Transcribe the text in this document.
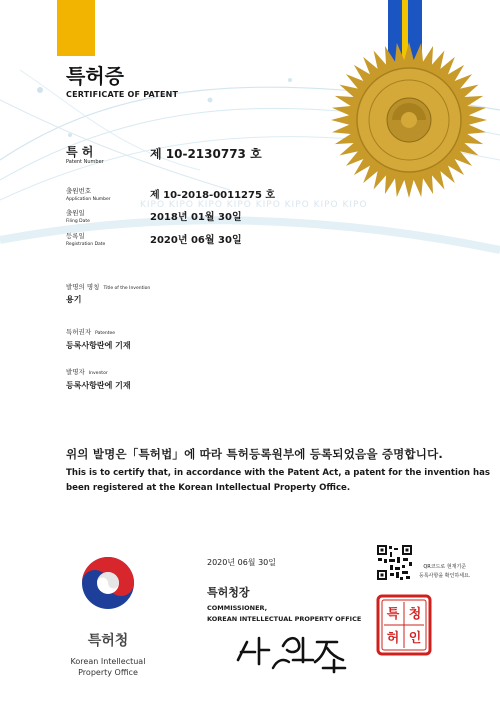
KIPO KIPO KIPO KIPO KIPO KIPO KIPO KIPO
특허증
CERTIFICATE OF PATENT
특 허
Patent Number
제 10-2130773 호
출원번호
Application Number	제 10-2018-0011275 호
출원일
Filing Date	2018년 01월 30일
등록일
Registration Date	2020년 06월 30일
발명의 명칭 Title of the Invention
용기
특허권자 Patentee
등록사항란에 기재
발명자 Inventor
등록사항란에 기재
위의 발명은「특허법」에 따라 특허등록원부에 등록되었음을 증명합니다.
This is to certify that, in accordance with the Patent Act, a patent for the invention has been registered at the Korean Intellectual Property Office.
특허청
Korean Intellectual Property Office
2020년 06월 30일
특허청장
COMMISSIONER,
KOREAN INTELLECTUAL PROPERTY OFFICE
QR코드로 현재기준
등록사항을 확인하세요.
특 청
허 인
